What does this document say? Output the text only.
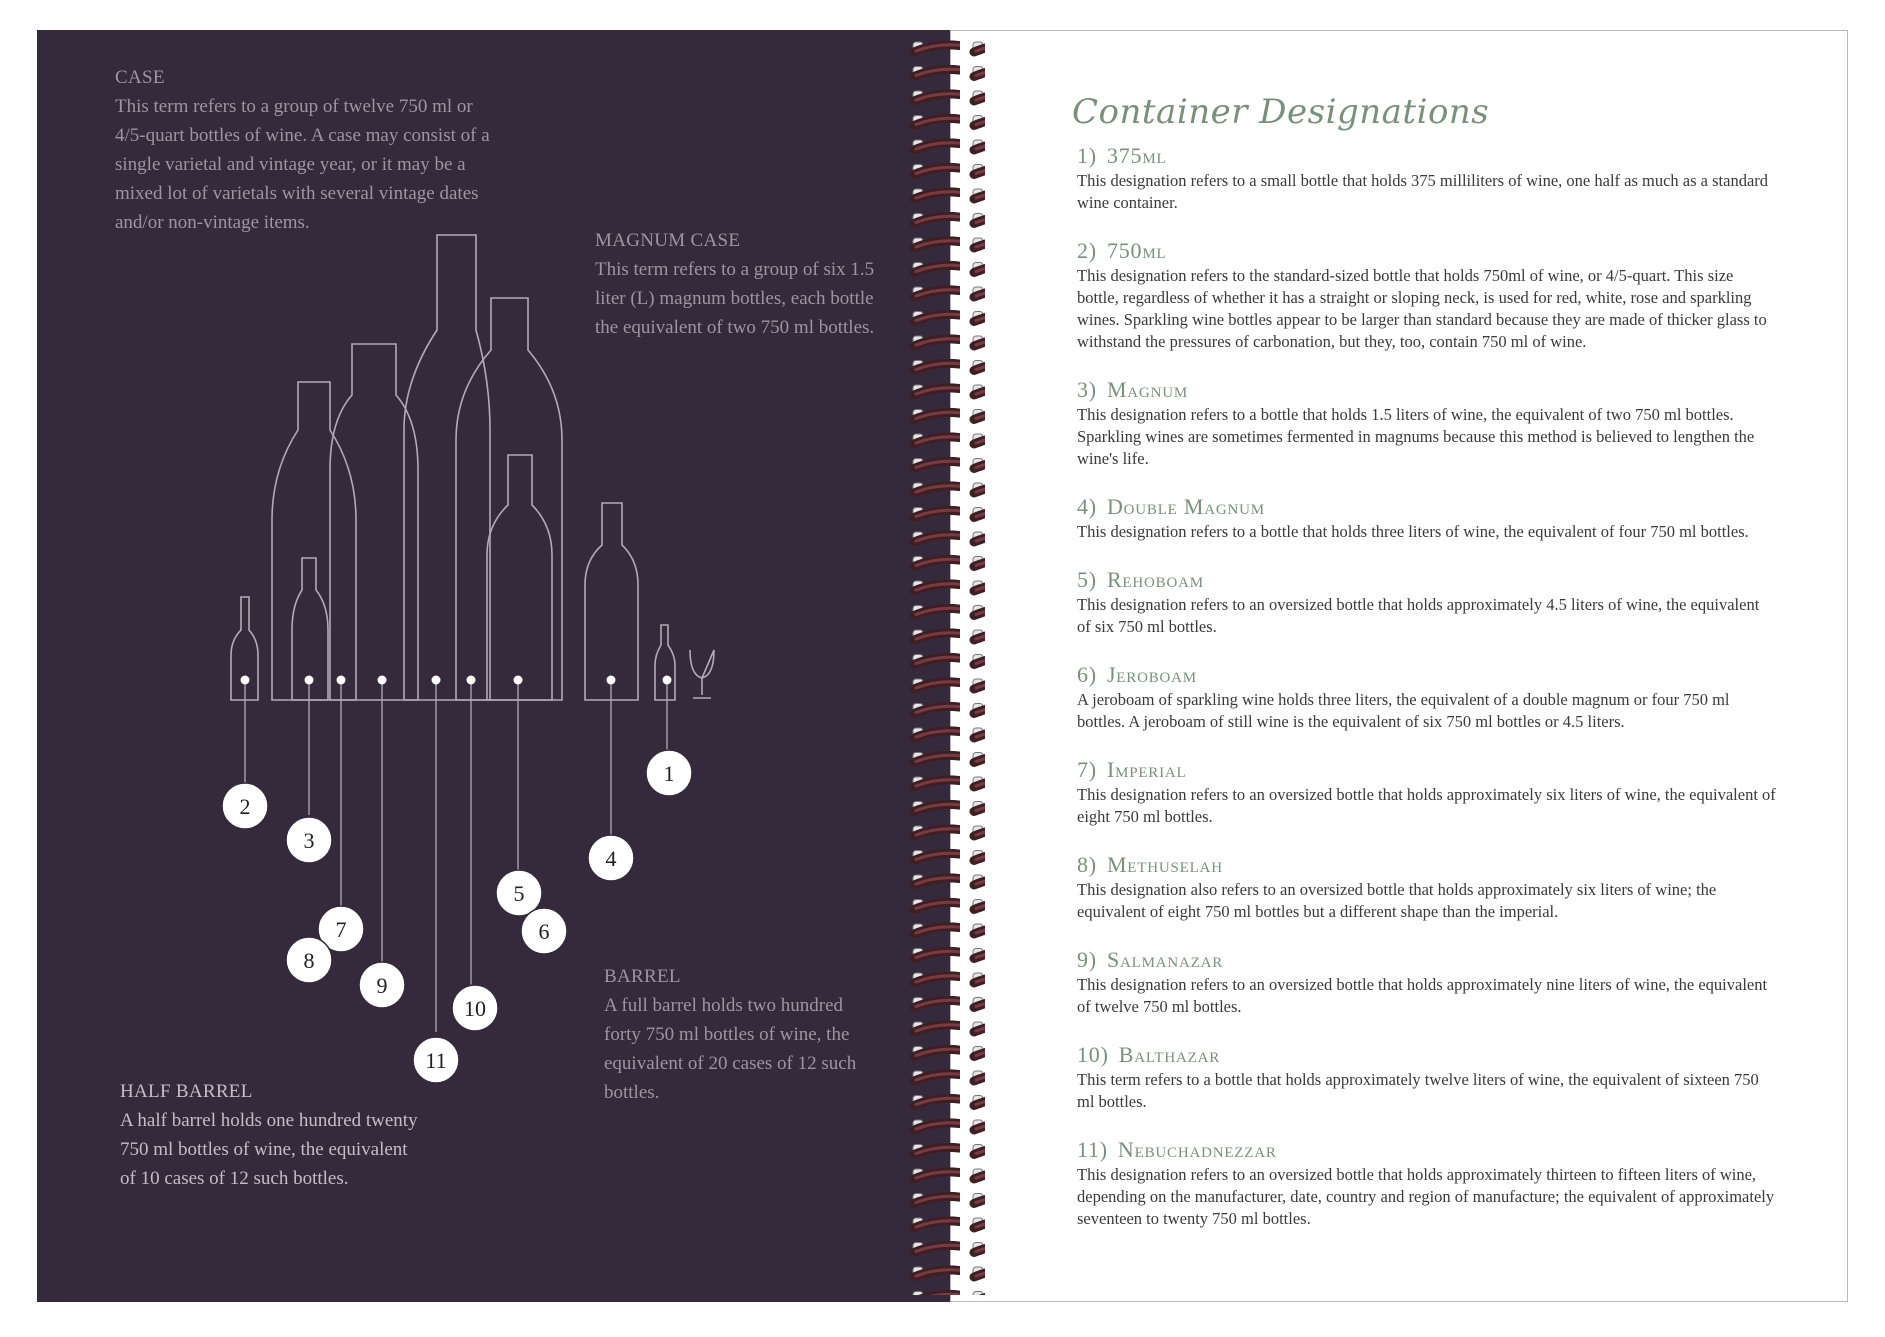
CASE
This term refers to a group of twelve 750 ml or 4/5-quart bottles of wine. A case may consist of a single varietal and vintage year, or it may be a mixed lot of varietals with several vintage dates and/or non-vintage items.
MAGNUM CASE
This term refers to a group of six 1.5 liter (L) magnum bottles, each bottle the equivalent of two 750 ml bottles.
BARREL
A full barrel holds two hundred forty 750 ml bottles of wine, the equivalent of 20 cases of 12 such bottles.
HALF BARREL
A half barrel holds one hundred twenty 750 ml bottles of wine, the equivalent of 10 cases of 12 such bottles.
1
2
3
4
5
6
7
8
9
10
11
Container Designations
1) 375ml
This designation refers to a small bottle that holds 375 milliliters of wine, one half as much as a standard wine container.
2) 750ml
This designation refers to the standard-sized bottle that holds 750ml of wine, or 4/5-quart. This size bottle, regardless of whether it has a straight or sloping neck, is used for red, white, rose and sparkling wines. Sparkling wine bottles appear to be larger than standard because they are made of thicker glass to withstand the pressures of carbonation, but they, too, contain 750 ml of wine.
3) Magnum
This designation refers to a bottle that holds 1.5 liters of wine, the equivalent of two 750 ml bottles. Sparkling wines are sometimes fermented in magnums because this method is believed to lengthen the wine's life.
4) Double Magnum
This designation refers to a bottle that holds three liters of wine, the equivalent of four 750 ml bottles.
5) Rehoboam
This designation refers to an oversized bottle that holds approximately 4.5 liters of wine, the equivalent of six 750 ml bottles.
6) Jeroboam
A jeroboam of sparkling wine holds three liters, the equivalent of a double magnum or four 750 ml bottles. A jeroboam of still wine is the equivalent of six 750 ml bottles or 4.5 liters.
7) Imperial
This designation refers to an oversized bottle that holds approximately six liters of wine, the equivalent of eight 750 ml bottles.
8) Methuselah
This designation also refers to an oversized bottle that holds approximately six liters of wine; the equivalent of eight 750 ml bottles but a different shape than the imperial.
9) Salmanazar
This designation refers to an oversized bottle that holds approximately nine liters of wine, the equivalent of twelve 750 ml bottles.
10) Balthazar
This term refers to a bottle that holds approximately twelve liters of wine, the equivalent of sixteen 750 ml bottles.
11) Nebuchadnezzar
This designation refers to an oversized bottle that holds approximately thirteen to fifteen liters of wine, depending on the manufacturer, date, country and region of manufacture; the equivalent of approximately seventeen to twenty 750 ml bottles.
